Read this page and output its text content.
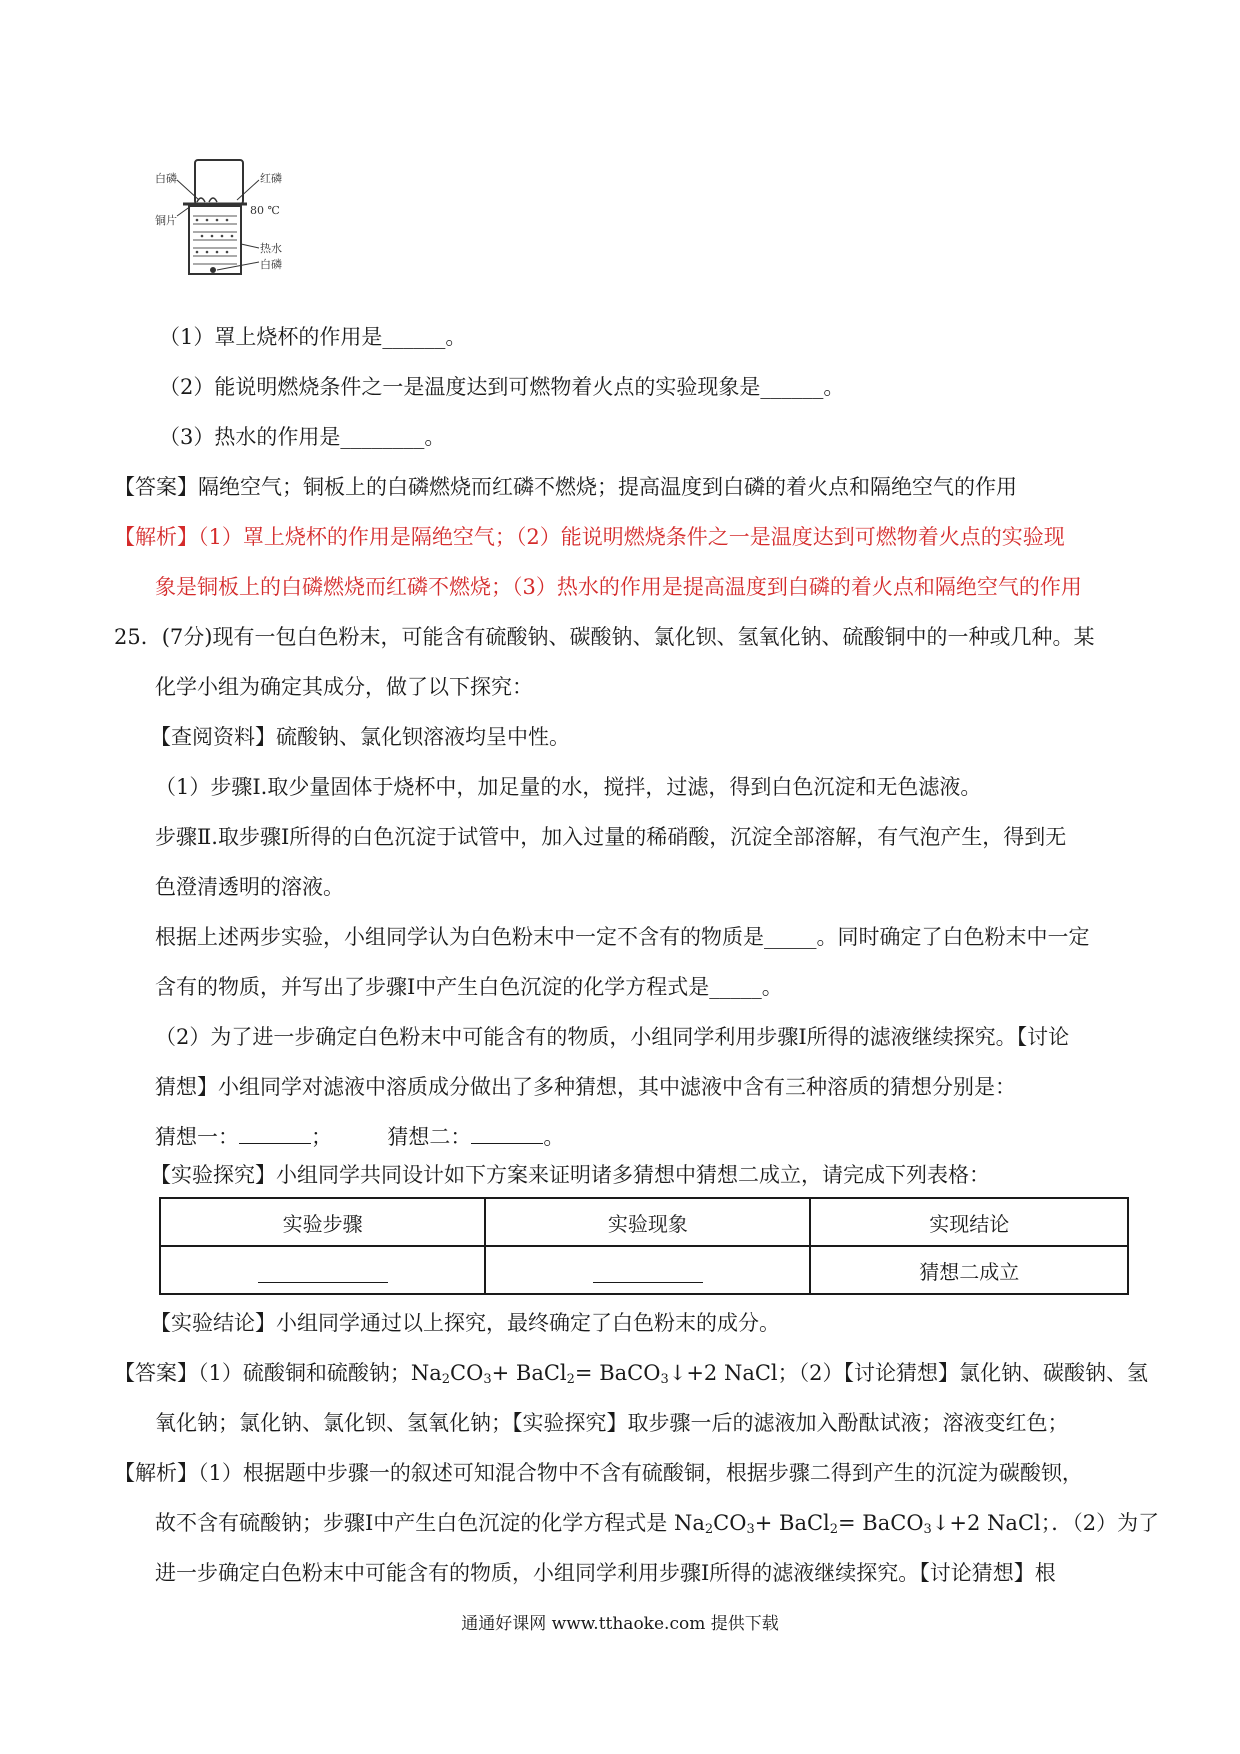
白磷	红磷
铜片
80 ℃
热水
白磷
（1）罩上烧杯的作用是______。
（2）能说明燃烧条件之一是温度达到可燃物着火点的实验现象是______。
（3）热水的作用是________。
【答案】隔绝空气；铜板上的白磷燃烧而红磷不燃烧；提高温度到白磷的着火点和隔绝空气的作用
【解析】（1）罩上烧杯的作用是隔绝空气；（2）能说明燃烧条件之一是温度达到可燃物着火点的实验现
象是铜板上的白磷燃烧而红磷不燃烧；（3）热水的作用是提高温度到白磷的着火点和隔绝空气的作用
25．(7分)现有一包白色粉末，可能含有硫酸钠、碳酸钠、氯化钡、氢氧化钠、硫酸铜中的一种或几种。某
化学小组为确定其成分，做了以下探究：
【查阅资料】硫酸钠、氯化钡溶液均呈中性。
（1）步骤Ⅰ.取少量固体于烧杯中，加足量的水，搅拌，过滤，得到白色沉淀和无色滤液。
步骤Ⅱ.取步骤Ⅰ所得的白色沉淀于试管中，加入过量的稀硝酸，沉淀全部溶解，有气泡产生，得到无
色澄清透明的溶液。
根据上述两步实验，小组同学认为白色粉末中一定不含有的物质是_____。同时确定了白色粉末中一定
含有的物质，并写出了步骤Ⅰ中产生白色沉淀的化学方程式是_____。
（2）为了进一步确定白色粉末中可能含有的物质，小组同学利用步骤Ⅰ所得的滤液继续探究。【讨论
猜想】小组同学对滤液中溶质成分做出了多种猜想，其中滤液中含有三种溶质的猜想分别是：
猜想一：	；	猜想二：	。
【实验探究】小组同学共同设计如下方案来证明诸多猜想中猜想二成立，请完成下列表格：
实验步骤	实验现象	实现结论
		猜想二成立
【实验结论】小组同学通过以上探究，最终确定了白色粉末的成分。
【答案】（1）硫酸铜和硫酸钠；$Na_2CO_3+$ BaCl$_2$= BaCO$_3$↓+2 NaCl；（2）【讨论猜想】氯化钠、碳酸钠、氢
氧化钠；氯化钠、氯化钡、氢氧化钠；【实验探究】取步骤一后的滤液加入酚酞试液；溶液变红色；
【解析】（1）根据题中步骤一的叙述可知混合物中不含有硫酸铜，根据步骤二得到产生的沉淀为碳酸钡，
故不含有硫酸钠；步骤Ⅰ中产生白色沉淀的化学方程式是 $Na_2CO_3+$ BaCl$_2$= BaCO$_3$↓+2 NaCl；．（2）为了
进一步确定白色粉末中可能含有的物质，小组同学利用步骤Ⅰ所得的滤液继续探究。【讨论猜想】根
通通好课网 www.tthaoke.com 提供下载
